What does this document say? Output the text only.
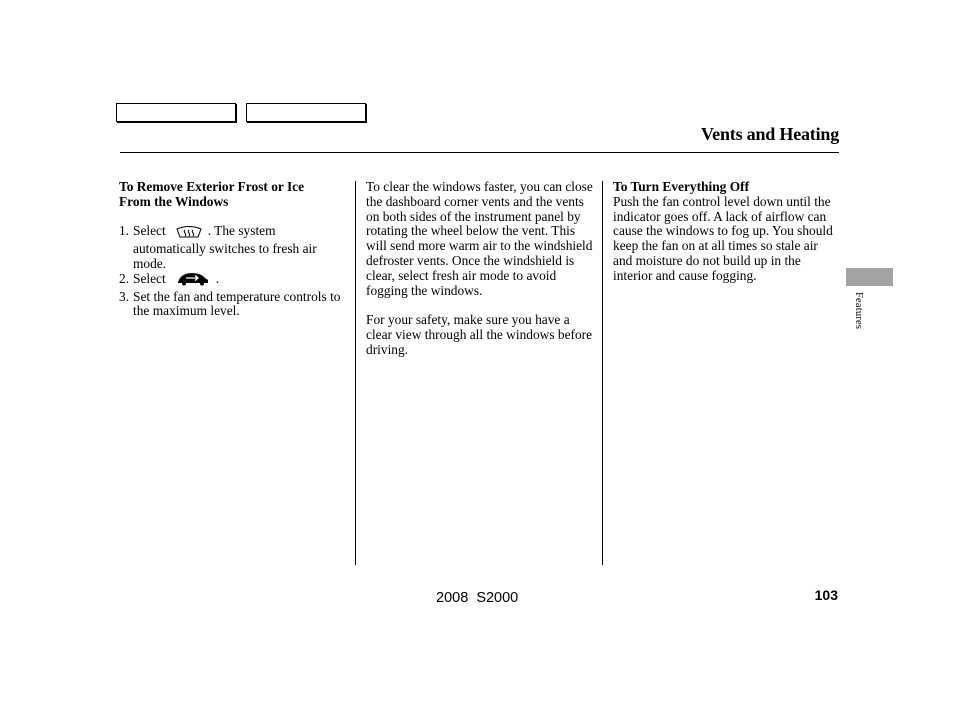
Vents and Heating

To Remove Exterior Frost or Ice
From the Windows

1. Select	. The system automatically switches to fresh air mode.
2. Select	.
3. Set the fan and temperature controls to the maximum level.

To clear the windows faster, you can close the dashboard corner vents and the vents on both sides of the instrument panel by rotating the wheel below the vent. This will send more warm air to the windshield defroster vents. Once the windshield is clear, select fresh air mode to avoid fogging the windows.

For your safety, make sure you have a clear view through all the windows before driving.

To Turn Everything Off

Push the fan control level down until the indicator goes off. A lack of airflow can cause the windows to fog up. You should keep the fan on at all times so stale air and moisture do not build up in the interior and cause fogging.

Features
2008  S2000	103
